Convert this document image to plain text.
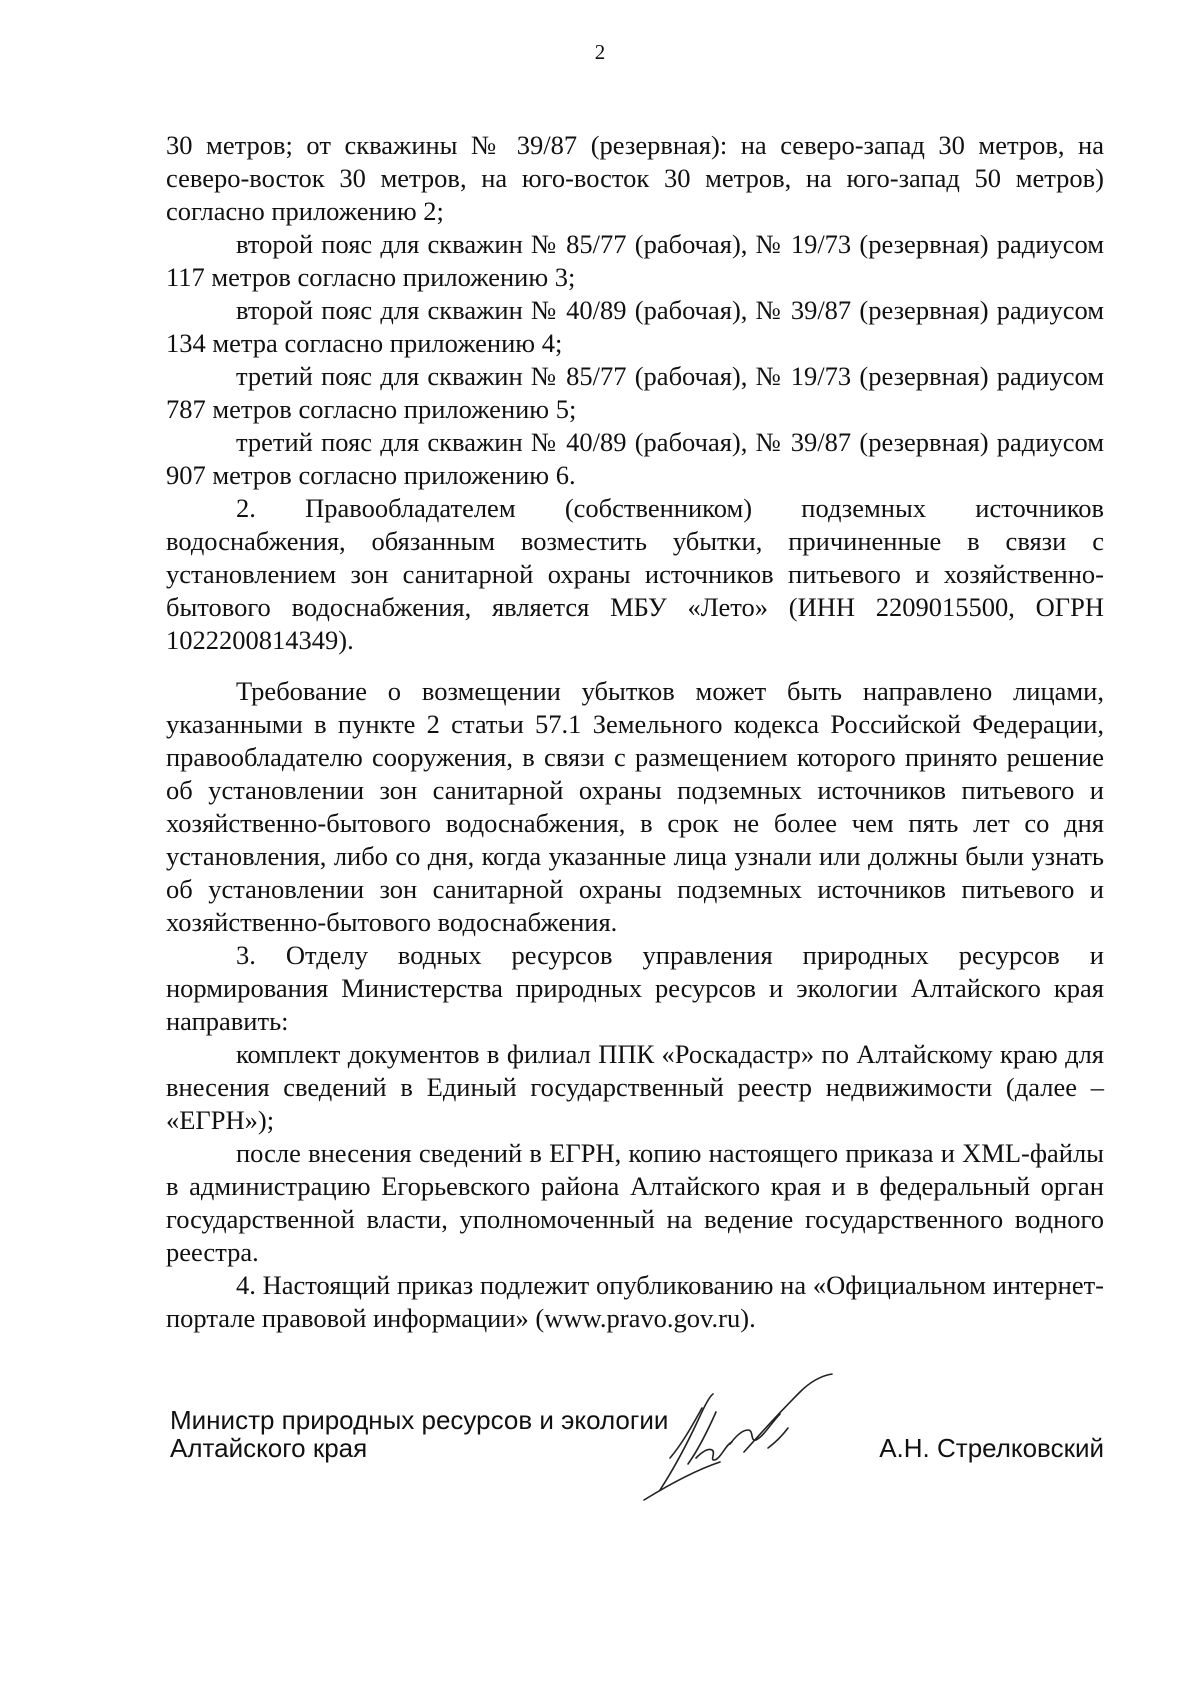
2

30 метров; от скважины № 39/87 (резервная): на северо-запад 30 метров, на северо-восток 30 метров, на юго-восток 30 метров, на юго-запад 50 метров) согласно приложению 2;

второй пояс для скважин № 85/77 (рабочая), № 19/73 (резервная) радиусом 117 метров согласно приложению 3;

второй пояс для скважин № 40/89 (рабочая), № 39/87 (резервная) радиусом 134 метра согласно приложению 4;

третий пояс для скважин № 85/77 (рабочая), № 19/73 (резервная) радиусом 787 метров согласно приложению 5;

третий пояс для скважин № 40/89 (рабочая), № 39/87 (резервная) радиусом 907 метров согласно приложению 6.

2. Правообладателем (собственником) подземных источников водоснабжения, обязанным возместить убытки, причиненные в связи с установлением зон санитарной охраны источников питьевого и хозяйственно-бытового водоснабжения, является МБУ «Лето» (ИНН 2209015500, ОГРН 1022200814349).

Требование о возмещении убытков может быть направлено лицами, указанными в пункте 2 статьи 57.1 Земельного кодекса Российской Федерации, правообладателю сооружения, в связи с размещением которого принято решение об установлении зон санитарной охраны подземных источников питьевого и хозяйственно-бытового водоснабжения, в срок не более чем пять лет со дня установления, либо со дня, когда указанные лица узнали или должны были узнать об установлении зон санитарной охраны подземных источников питьевого и хозяйственно-бытового водоснабжения.

3. Отделу водных ресурсов управления природных ресурсов и нормирования Министерства природных ресурсов и экологии Алтайского края направить:

комплект документов в филиал ППК «Роскадастр» по Алтайскому краю для внесения сведений в Единый государственный реестр недвижимости (далее – «ЕГРН»);

после внесения сведений в ЕГРН, копию настоящего приказа и XML-файлы в администрацию Егорьевского района Алтайского края и в федеральный орган государственной власти, уполномоченный на ведение государственного водного реестра.

4. Настоящий приказ подлежит опубликованию на «Официальном интернет-портале правовой информации» (www.pravo.gov.ru).

Министр природных ресурсов и экологии
Алтайского края	А.Н. Стрелковский
